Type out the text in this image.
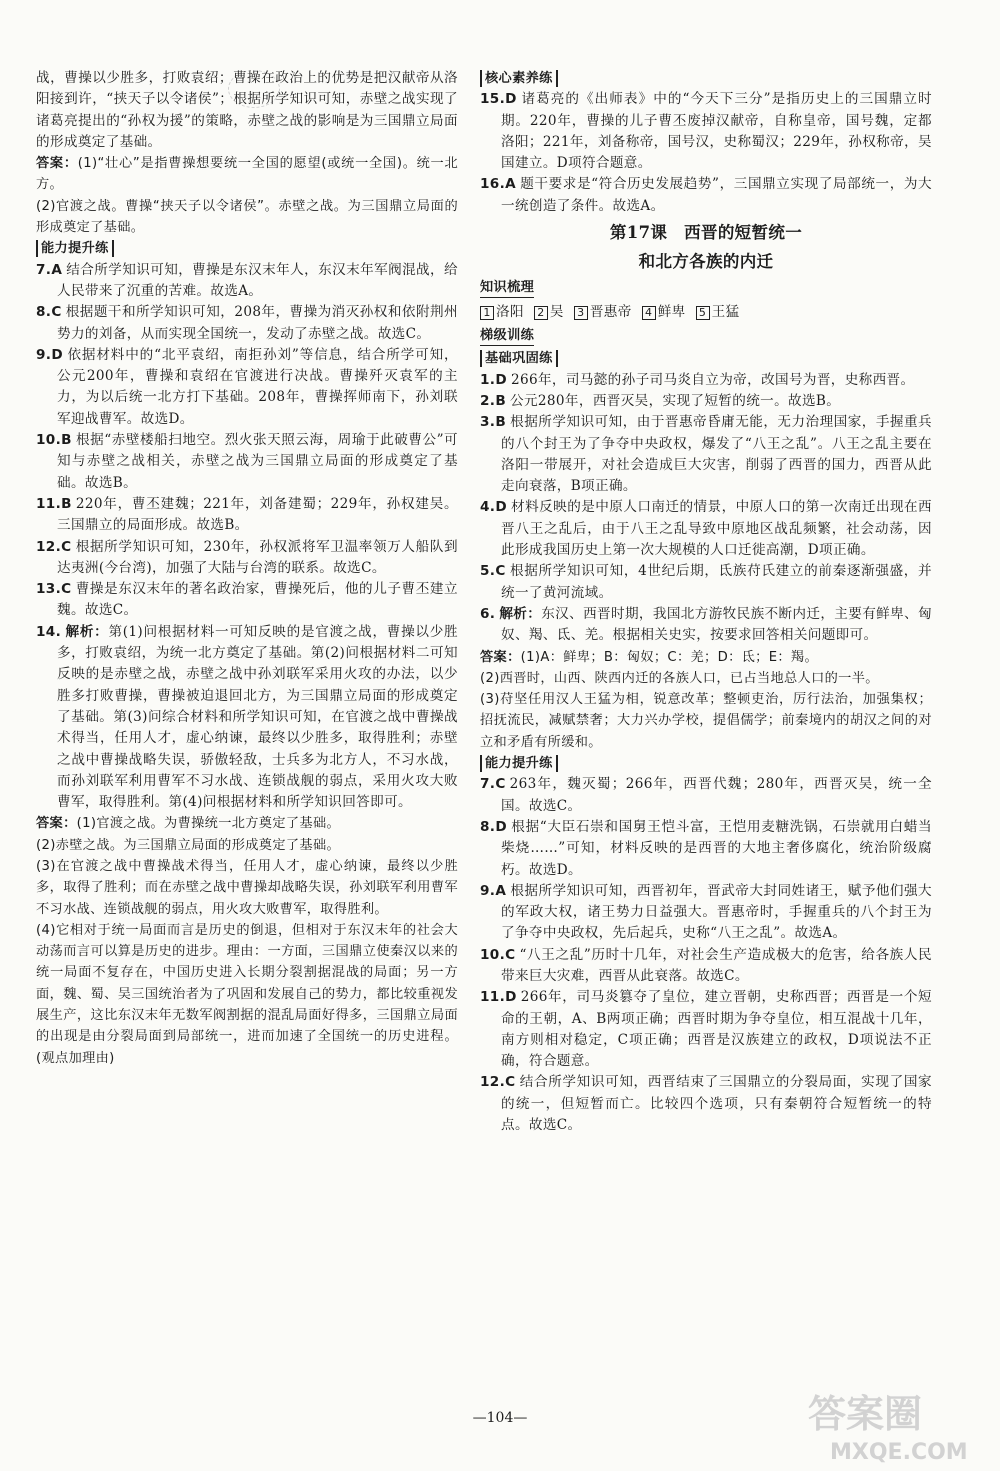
战，曹操以少胜多，打败袁绍；曹操在政治上的优势是把汉献帝从洛阳接到许，“挟天子以令诸侯”；根据所学知识可知，赤壁之战实现了诸葛亮提出的“孙权为援”的策略，赤壁之战的影响是为三国鼎立局面的形成奠定了基础。

答案：(1)“壮心”是指曹操想要统一全国的愿望(或统一全国)。统一北方。

(2)官渡之战。曹操“挟天子以令诸侯”。赤壁之战。为三国鼎立局面的形成奠定了基础。

能力提升练

7.A 结合所学知识可知，曹操是东汉末年人，东汉末年军阀混战，给人民带来了沉重的苦难。故选A。

8.C 根据题干和所学知识可知，208年，曹操为消灭孙权和依附荆州势力的刘备，从而实现全国统一，发动了赤壁之战。故选C。

9.D 依据材料中的“北平袁绍，南拒孙刘”等信息，结合所学可知，公元200年，曹操和袁绍在官渡进行决战。曹操歼灭袁军的主力，为以后统一北方打下基础。208年，曹操挥师南下，孙刘联军迎战曹军。故选D。

10.B 根据“赤壁楼船扫地空。烈火张天照云海，周瑜于此破曹公”可知与赤壁之战相关，赤壁之战为三国鼎立局面的形成奠定了基础。故选B。

11.B 220年，曹丕建魏；221年，刘备建蜀；229年，孙权建吴。三国鼎立的局面形成。故选B。

12.C 根据所学知识可知，230年，孙权派将军卫温率领万人船队到达夷洲(今台湾)，加强了大陆与台湾的联系。故选C。

13.C 曹操是东汉末年的著名政治家，曹操死后，他的儿子曹丕建立魏。故选C。

14. 解析：第(1)问根据材料一可知反映的是官渡之战，曹操以少胜多，打败袁绍，为统一北方奠定了基础。第(2)问根据材料二可知反映的是赤壁之战，赤壁之战中孙刘联军采用火攻的办法，以少胜多打败曹操，曹操被迫退回北方，为三国鼎立局面的形成奠定了基础。第(3)问综合材料和所学知识可知，在官渡之战中曹操战术得当，任用人才，虚心纳谏，最终以少胜多，取得胜利；赤壁之战中曹操战略失误，骄傲轻敌，士兵多为北方人，不习水战，而孙刘联军利用曹军不习水战、连锁战舰的弱点，采用火攻大败曹军，取得胜利。第(4)问根据材料和所学知识回答即可。

答案：(1)官渡之战。为曹操统一北方奠定了基础。

(2)赤壁之战。为三国鼎立局面的形成奠定了基础。

(3)在官渡之战中曹操战术得当，任用人才，虚心纳谏，最终以少胜多，取得了胜利；而在赤壁之战中曹操却战略失误，孙刘联军利用曹军不习水战、连锁战舰的弱点，用火攻大败曹军，取得胜利。

(4)它相对于统一局面而言是历史的倒退，但相对于东汉末年的社会大动荡而言可以算是历史的进步。理由：一方面，三国鼎立使秦汉以来的统一局面不复存在，中国历史进入长期分裂割据混战的局面；另一方面，魏、蜀、吴三国统治者为了巩固和发展自己的势力，都比较重视发展生产，这比东汉末年无数军阀割据的混乱局面好得多，三国鼎立局面的出现是由分裂局面到局部统一，进而加速了全国统一的历史进程。(观点加理由)

核心素养练

15.D 诸葛亮的《出师表》中的“今天下三分”是指历史上的三国鼎立时期。220年，曹操的儿子曹丕废掉汉献帝，自称皇帝，国号魏，定都洛阳；221年，刘备称帝，国号汉，史称蜀汉；229年，孙权称帝，吴国建立。D项符合题意。

16.A 题干要求是“符合历史发展趋势”，三国鼎立实现了局部统一，为大一统创造了条件。故选A。

第17课　西晋的短暂统一
和北方各族的内迁
知识梳理
1 洛阳	2 吴	3 晋惠帝	4 鲜卑	5 王猛
梯级训练
基础巩固练

1.D 266年，司马懿的孙子司马炎自立为帝，改国号为晋，史称西晋。

2.B 公元280年，西晋灭吴，实现了短暂的统一。故选B。

3.B 根据所学知识可知，由于晋惠帝昏庸无能，无力治理国家，手握重兵的八个封王为了争夺中央政权，爆发了“八王之乱”。八王之乱主要在洛阳一带展开，对社会造成巨大灾害，削弱了西晋的国力，西晋从此走向衰落，B项正确。

4.D 材料反映的是中原人口南迁的情景，中原人口的第一次南迁出现在西晋八王之乱后，由于八王之乱导致中原地区战乱频繁，社会动荡，因此形成我国历史上第一次大规模的人口迁徙高潮，D项正确。

5.C 根据所学知识可知，4世纪后期，氐族苻氏建立的前秦逐渐强盛，并统一了黄河流域。

6. 解析：东汉、西晋时期，我国北方游牧民族不断内迁，主要有鲜卑、匈奴、羯、氐、羌。根据相关史实，按要求回答相关问题即可。

答案：(1)A：鲜卑；B：匈奴；C：羌；D：氐；E：羯。

(2)西晋时，山西、陕西内迁的各族人口，已占当地总人口的一半。

(3)苻坚任用汉人王猛为相，锐意改革；整顿吏治，厉行法治，加强集权；招抚流民，减赋禁奢；大力兴办学校，提倡儒学；前秦境内的胡汉之间的对立和矛盾有所缓和。

能力提升练

7.C 263年，魏灭蜀；266年，西晋代魏；280年，西晋灭吴，统一全国。故选C。

8.D 根据“大臣石崇和国舅王恺斗富，王恺用麦糖洗锅，石崇就用白蜡当柴烧……”可知，材料反映的是西晋的大地主奢侈腐化，统治阶级腐朽。故选D。

9.A 根据所学知识可知，西晋初年，晋武帝大封同姓诸王，赋予他们强大的军政大权，诸王势力日益强大。晋惠帝时，手握重兵的八个封王为了争夺中央政权，先后起兵，史称“八王之乱”。故选A。

10.C “八王之乱”历时十几年，对社会生产造成极大的危害，给各族人民带来巨大灾难，西晋从此衰落。故选C。

11.D 266年，司马炎篡夺了皇位，建立晋朝，史称西晋；西晋是一个短命的王朝，A、B两项正确；西晋时期为争夺皇位，相互混战十几年，南方则相对稳定，C项正确；西晋是汉族建立的政权，D项说法不正确，符合题意。

12.C 结合所学知识可知，西晋结束了三国鼎立的分裂局面，实现了国家的统一，但短暂而亡。比较四个选项，只有秦朝符合短暂统一的特点。故选C。

—104—	答案圈
MXQE.COM
